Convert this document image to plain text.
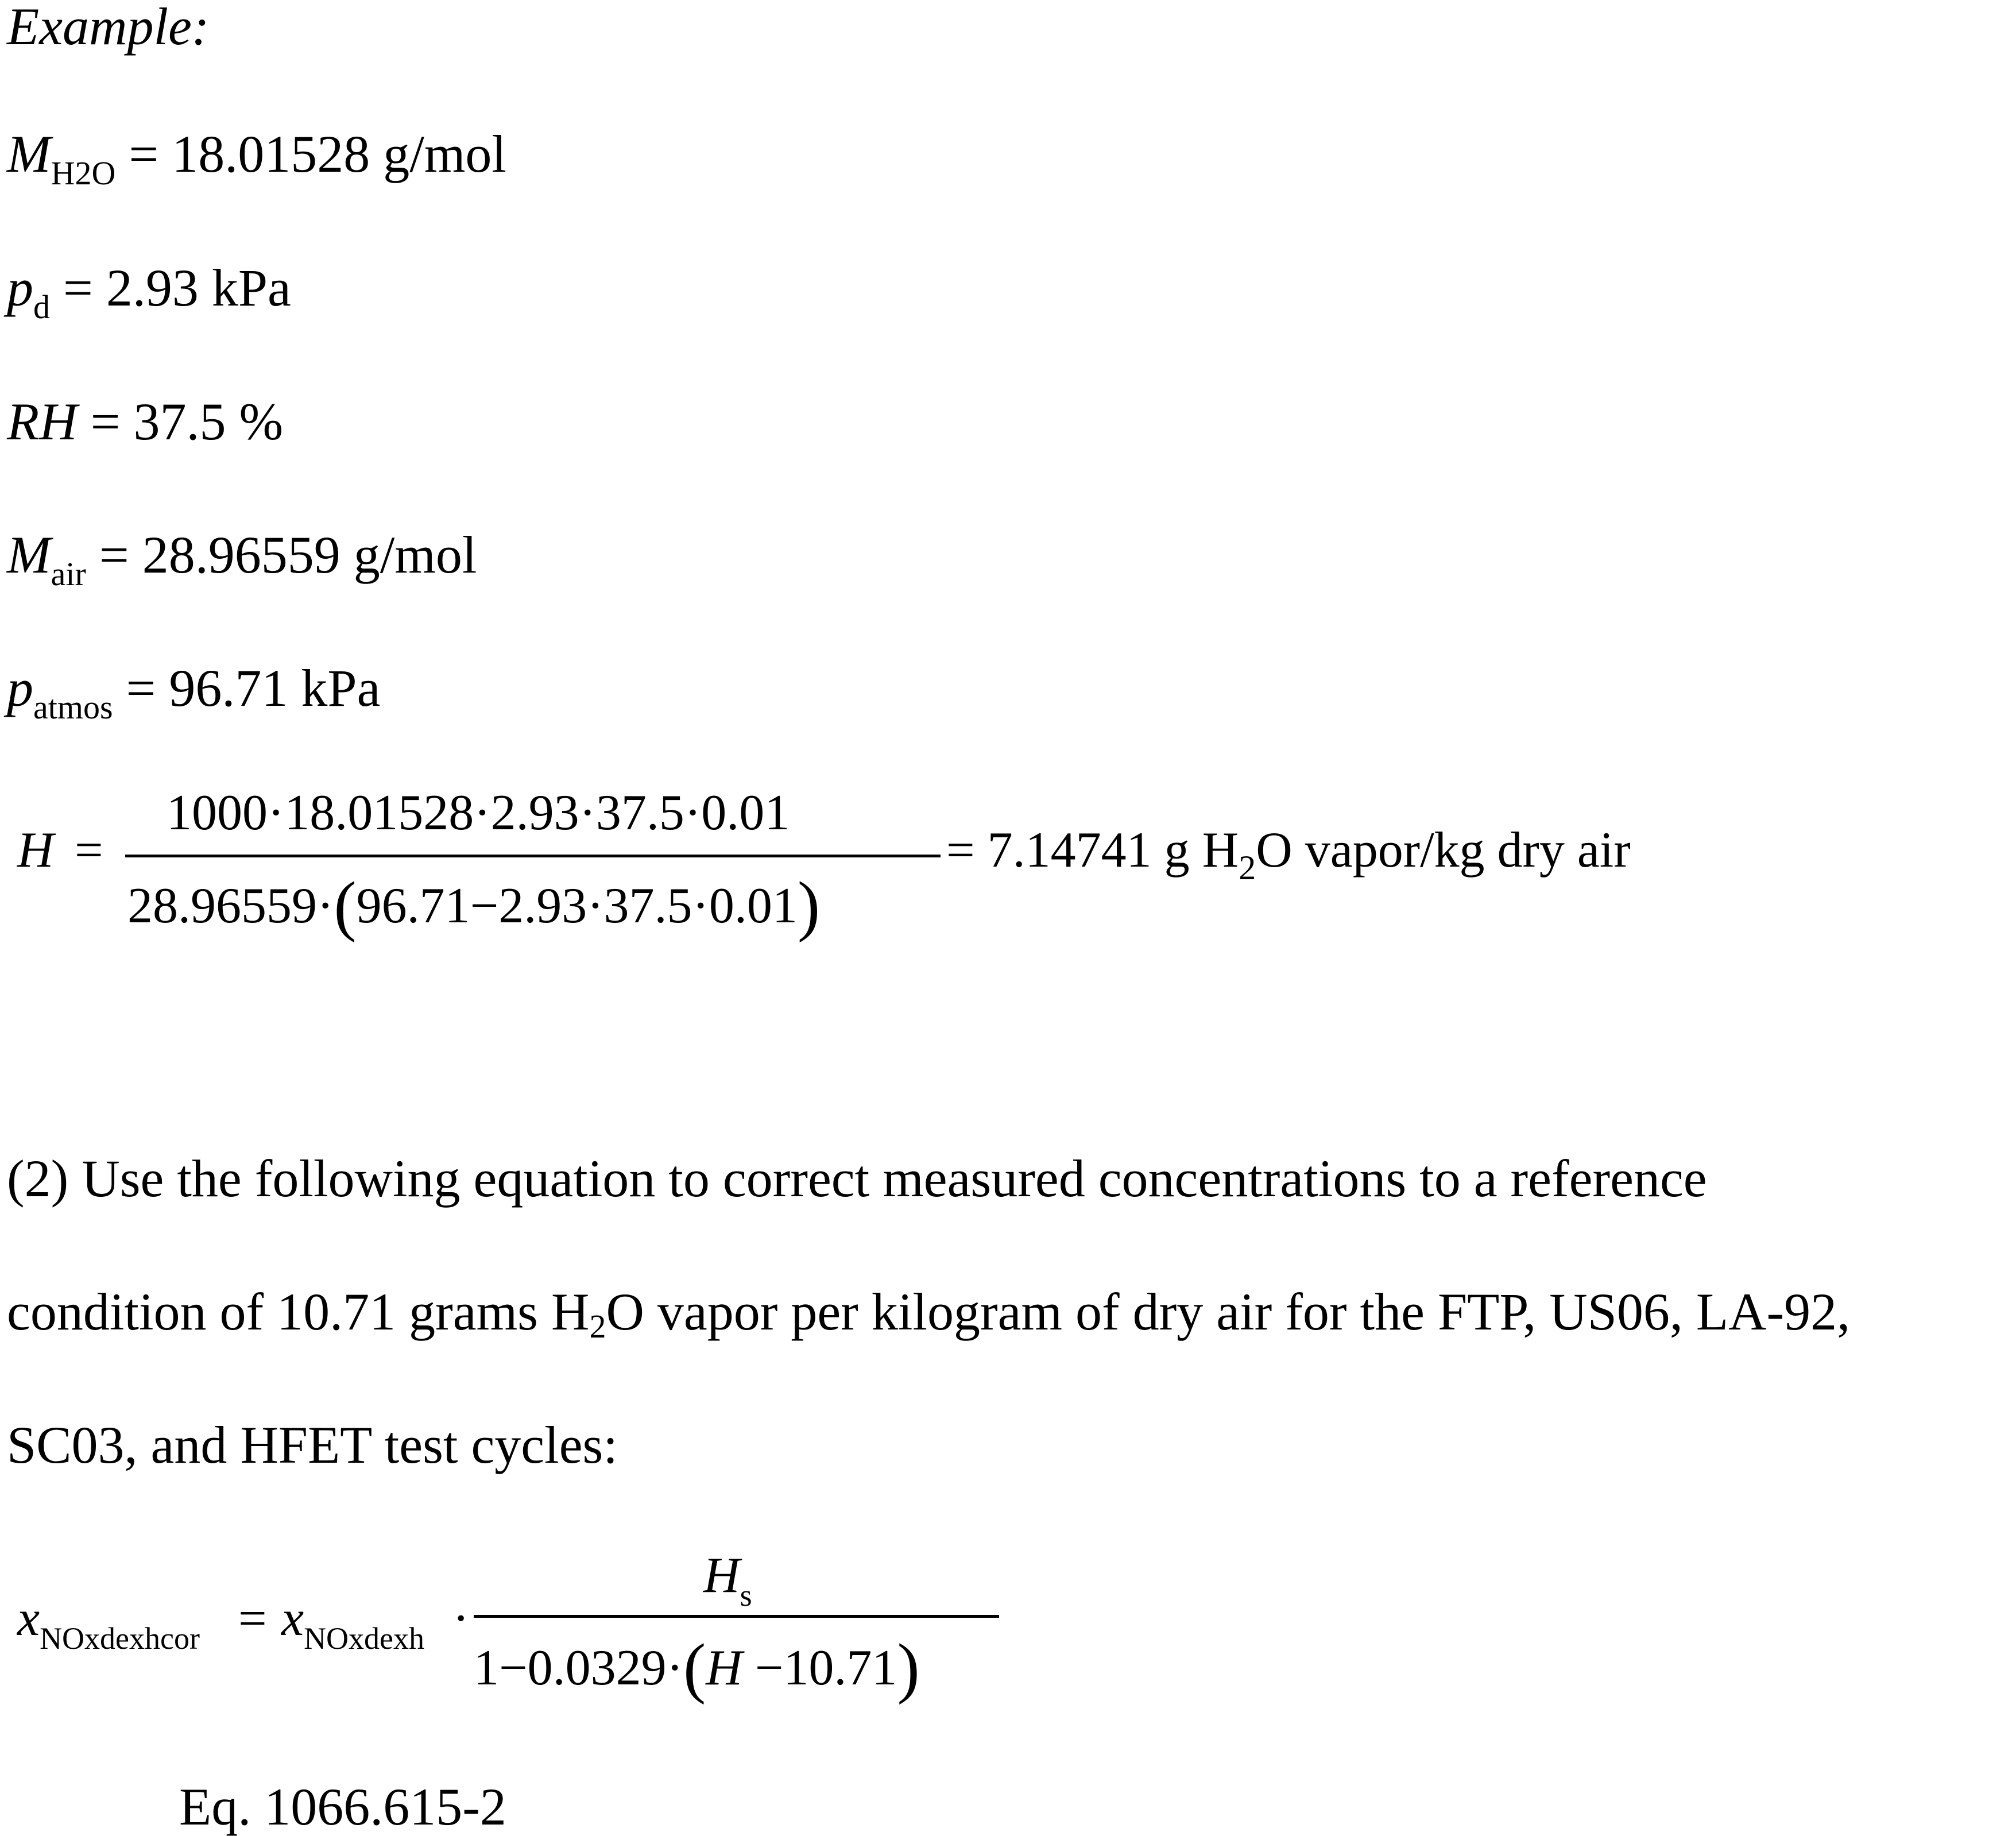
Example:
$M_{H2O} = 18.01528$ g/mol
$p_d = 2.93$ kPa
RH = 37.5 %
$M_{air} = 28.96559$ g/mol
$p_{atmos} = 96.71$ kPa
H =
1000·18.01528·2.93·37.5·0.01
28.96559·(96.71−2.93·37.5·0.01)
= 7.14741 g $H_2O$ vapor/kg dry air
(2) Use the following equation to correct measured concentrations to a reference
condition of 10.71 grams H2O vapor per kilogram of dry air for the FTP, US06, LA-92,
SC03, and HFET test cycles:
$x_{NOxdexhcor} = x_{NOxdexh}$ ·
$H_s$
1−0.0329·(H −10.71)
Eq. 1066.615-2
